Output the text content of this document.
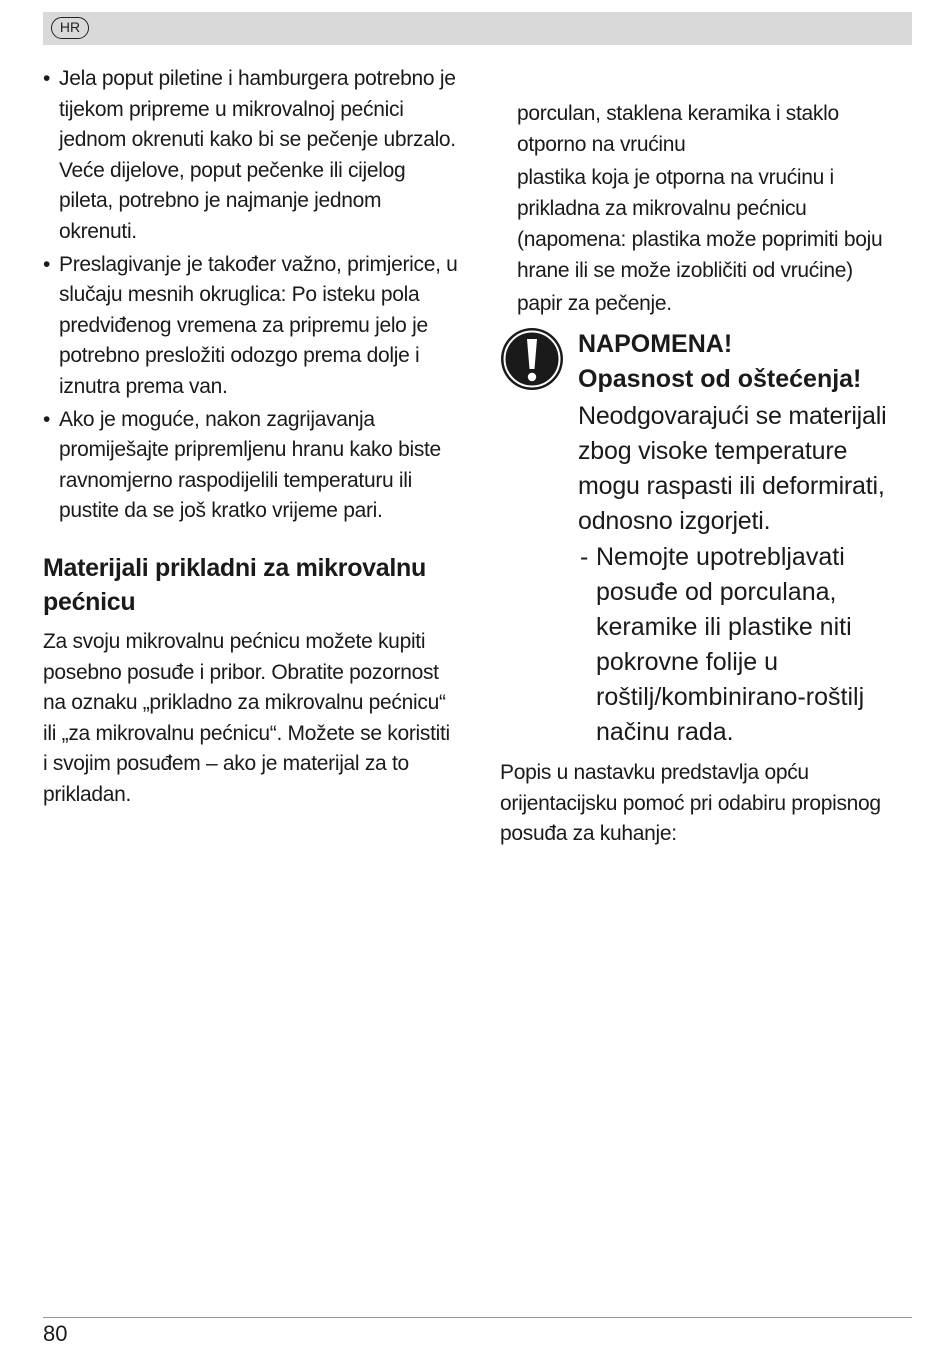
HR
• Jela poput piletine i hamburgera potrebno je tijekom pripreme u mikrovalnoj pećnici jednom okrenuti kako bi se pečenje ubrzalo. Veće dijelove, poput pečenke ili cijelog pileta, potrebno je najmanje jednom okrenuti.
• Preslagivanje je također važno, primjerice, u slučaju mesnih okruglica: Po isteku pola predviđenog vremena za pripremu jelo je potrebno presložiti odozgo prema dolje i iznutra prema van.
• Ako je moguće, nakon zagrijavanja promiješajte pripremljenu hranu kako biste ravnomjerno raspodijelili temperaturu ili pustite da se još kratko vrijeme pari.
Materijali prikladni za mikrovalnu pećnicu

Za svoju mikrovalnu pećnicu možete kupiti posebno posuđe i pribor. Obratite pozornost na oznaku „prikladno za mikrovalnu pećnicu“ ili „za mikrovalnu pećnicu“. Možete se koristiti i svojim posuđem – ako je materijal za to prikladan.

porculan, staklena keramika i staklo otporno na vrućinu

plastika koja je otporna na vrućinu i prikladna za mikrovalnu pećnicu (napomena: plastika može poprimiti boju hrane ili se može izobličiti od vrućine)

papir za pečenje.

NAPOMENA!

Opasnost od oštećenja!

Neodgovarajući se materijali zbog visoke temperature mogu raspasti ili deformirati, odnosno izgorjeti.

- Nemojte upotrebljavati posuđe od porculana, keramike ili plastike niti pokrovne folije u roštilj/kombinirano-roštilj načinu rada.

Popis u nastavku predstavlja opću orijentacijsku pomoć pri odabiru propisnog posuđa za kuhanje:

80
